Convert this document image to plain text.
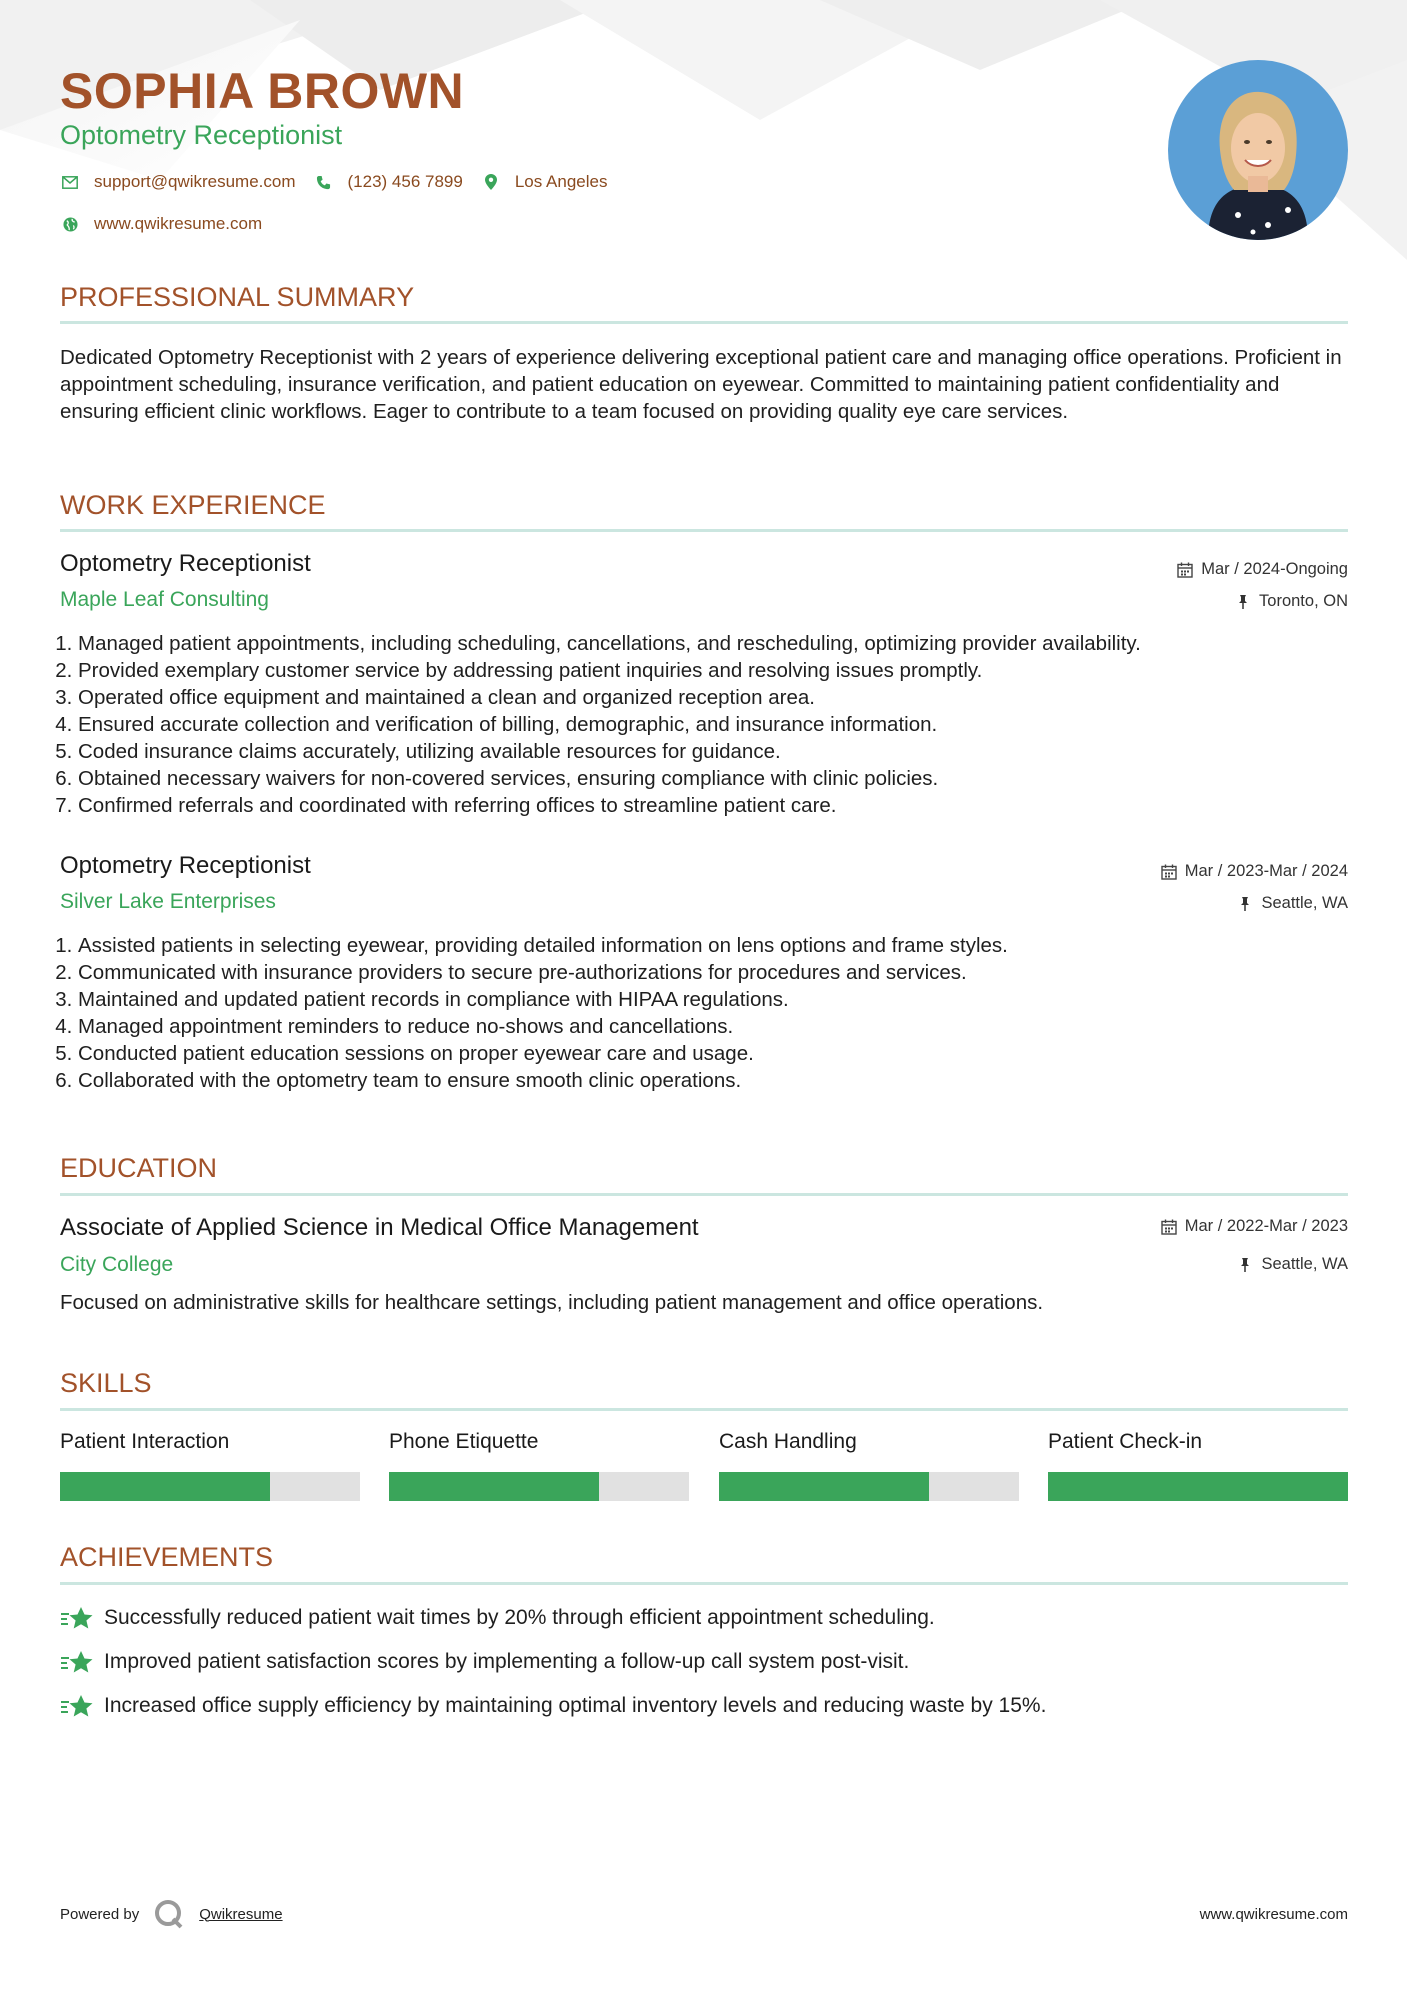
SOPHIA BROWN
Optometry Receptionist
support@qwikresume.com	(123) 456 7899	Los Angeles
www.qwikresume.com
PROFESSIONAL SUMMARY
Dedicated Optometry Receptionist with 2 years of experience delivering exceptional patient care and managing office operations. Proficient in appointment scheduling, insurance verification, and patient education on eyewear. Committed to maintaining patient confidentiality and ensuring efficient clinic workflows. Eager to contribute to a team focused on providing quality eye care services.
WORK EXPERIENCE
Optometry Receptionist	Mar / 2024-Ongoing
Maple Leaf Consulting	Toronto, ON
1. Managed patient appointments, including scheduling, cancellations, and rescheduling, optimizing provider availability.
2. Provided exemplary customer service by addressing patient inquiries and resolving issues promptly.
3. Operated office equipment and maintained a clean and organized reception area.
4. Ensured accurate collection and verification of billing, demographic, and insurance information.
5. Coded insurance claims accurately, utilizing available resources for guidance.
6. Obtained necessary waivers for non-covered services, ensuring compliance with clinic policies.
7. Confirmed referrals and coordinated with referring offices to streamline patient care.
Optometry Receptionist	Mar / 2023-Mar / 2024
Silver Lake Enterprises	Seattle, WA
1. Assisted patients in selecting eyewear, providing detailed information on lens options and frame styles.
2. Communicated with insurance providers to secure pre-authorizations for procedures and services.
3. Maintained and updated patient records in compliance with HIPAA regulations.
4. Managed appointment reminders to reduce no-shows and cancellations.
5. Conducted patient education sessions on proper eyewear care and usage.
6. Collaborated with the optometry team to ensure smooth clinic operations.
EDUCATION
Associate of Applied Science in Medical Office Management	Mar / 2022-Mar / 2023
City College	Seattle, WA
Focused on administrative skills for healthcare settings, including patient management and office operations.
SKILLS
Patient Interaction	Phone Etiquette	Cash Handling	Patient Check-in
ACHIEVEMENTS
Successfully reduced patient wait times by 20% through efficient appointment scheduling.
Improved patient satisfaction scores by implementing a follow-up call system post-visit.
Increased office supply efficiency by maintaining optimal inventory levels and reducing waste by 15%.
Powered by	Qwikresume	www.qwikresume.com
